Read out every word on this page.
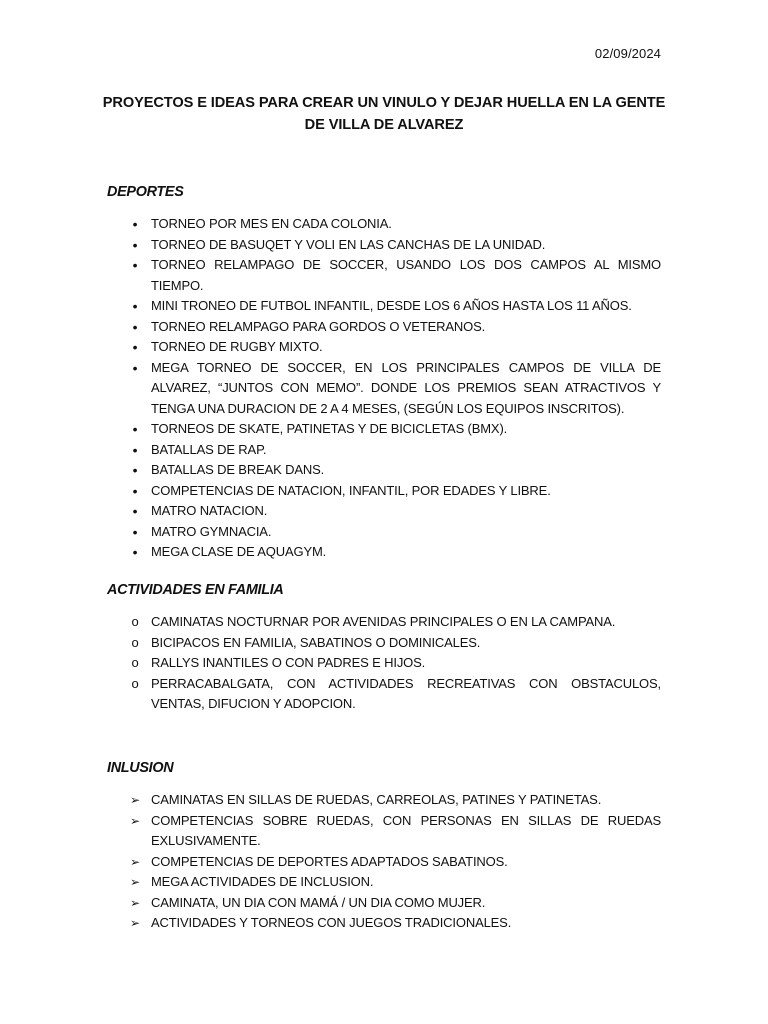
02/09/2024
PROYECTOS E IDEAS PARA CREAR UN VINULO Y DEJAR HUELLA EN LA GENTE DE VILLA DE ALVAREZ
DEPORTES
•
TORNEO POR MES EN CADA COLONIA.
•
TORNEO DE BASUQET Y VOLI EN LAS CANCHAS DE LA UNIDAD.
•
TORNEO RELAMPAGO DE SOCCER, USANDO LOS DOS CAMPOS AL MISMO TIEMPO.
•
MINI TRONEO DE FUTBOL INFANTIL, DESDE LOS 6 AÑOS HASTA LOS 11 AÑOS.
•
TORNEO RELAMPAGO PARA GORDOS O VETERANOS.
•
TORNEO DE RUGBY MIXTO.
•
MEGA TORNEO DE SOCCER, EN LOS PRINCIPALES CAMPOS DE VILLA DE ALVAREZ, “JUNTOS CON MEMO”. DONDE LOS PREMIOS SEAN ATRACTIVOS Y TENGA UNA DURACION DE 2 A 4 MESES, (SEGÚN LOS EQUIPOS INSCRITOS).
•
TORNEOS DE SKATE, PATINETAS Y DE BICICLETAS (BMX).
•
BATALLAS DE RAP.
•
BATALLAS DE BREAK DANS.
•
COMPETENCIAS DE NATACION, INFANTIL, POR EDADES Y LIBRE.
•
MATRO NATACION.
•
MATRO GYMNACIA.
•
MEGA CLASE DE AQUAGYM.
ACTIVIDADES EN FAMILIA
o
CAMINATAS NOCTURNAR POR AVENIDAS PRINCIPALES O EN LA CAMPANA.
o
BICIPACOS EN FAMILIA, SABATINOS O DOMINICALES.
o
RALLYS INANTILES O CON PADRES E HIJOS.
o
PERRACABALGATA, CON ACTIVIDADES RECREATIVAS CON OBSTACULOS, VENTAS, DIFUCION Y ADOPCION.
INLUSION
➢
CAMINATAS EN SILLAS DE RUEDAS, CARREOLAS, PATINES Y PATINETAS.
➢
COMPETENCIAS SOBRE RUEDAS, CON PERSONAS EN SILLAS DE RUEDAS EXLUSIVAMENTE.
➢
COMPETENCIAS DE DEPORTES ADAPTADOS SABATINOS.
➢
MEGA ACTIVIDADES DE INCLUSION.
➢
CAMINATA, UN DIA CON MAMÁ / UN DIA COMO MUJER.
➢
ACTIVIDADES Y TORNEOS CON JUEGOS TRADICIONALES.
